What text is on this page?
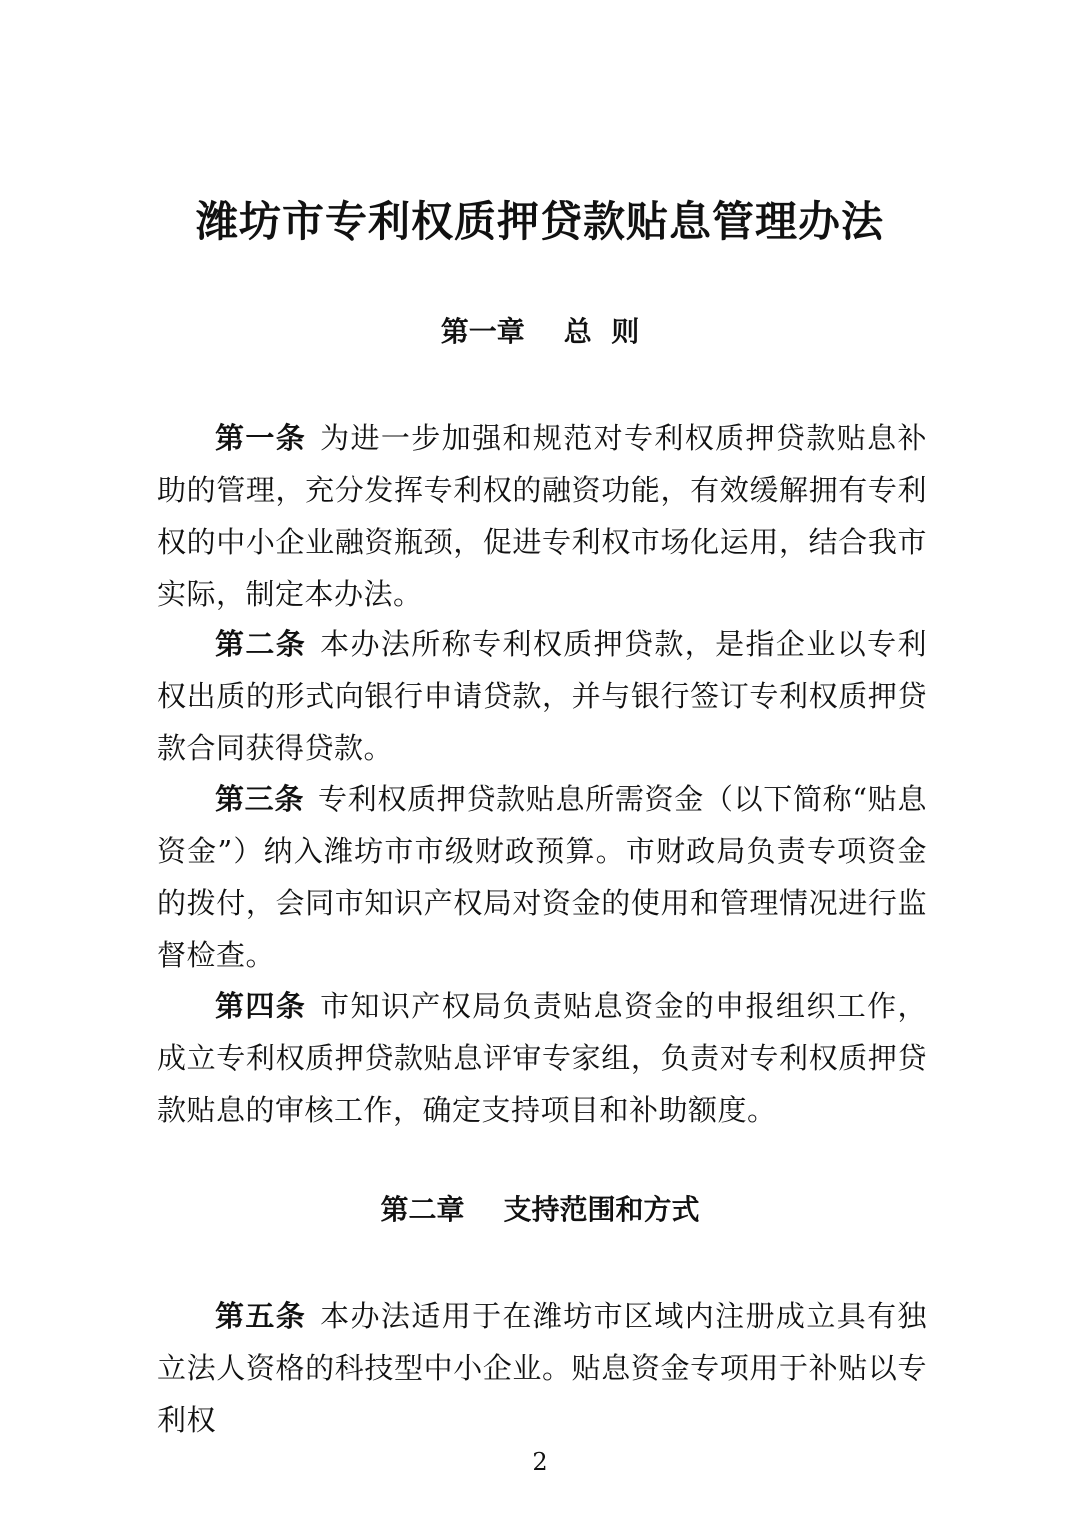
潍坊市专利权质押贷款贴息管理办法
第一章    总  则

第一条 为进一步加强和规范对专利权质押贷款贴息补助的管理，充分发挥专利权的融资功能，有效缓解拥有专利权的中小企业融资瓶颈，促进专利权市场化运用，结合我市实际，制定本办法。

第二条 本办法所称专利权质押贷款，是指企业以专利权出质的形式向银行申请贷款，并与银行签订专利权质押贷款合同获得贷款。

第三条 专利权质押贷款贴息所需资金（以下简称“贴息资金”）纳入潍坊市市级财政预算。市财政局负责专项资金的拨付，会同市知识产权局对资金的使用和管理情况进行监督检查。

第四条 市知识产权局负责贴息资金的申报组织工作，成立专利权质押贷款贴息评审专家组，负责对专利权质押贷款贴息的审核工作，确定支持项目和补助额度。

第二章    支持范围和方式

第五条 本办法适用于在潍坊市区域内注册成立具有独立法人资格的科技型中小企业。贴息资金专项用于补贴以专利权

2
